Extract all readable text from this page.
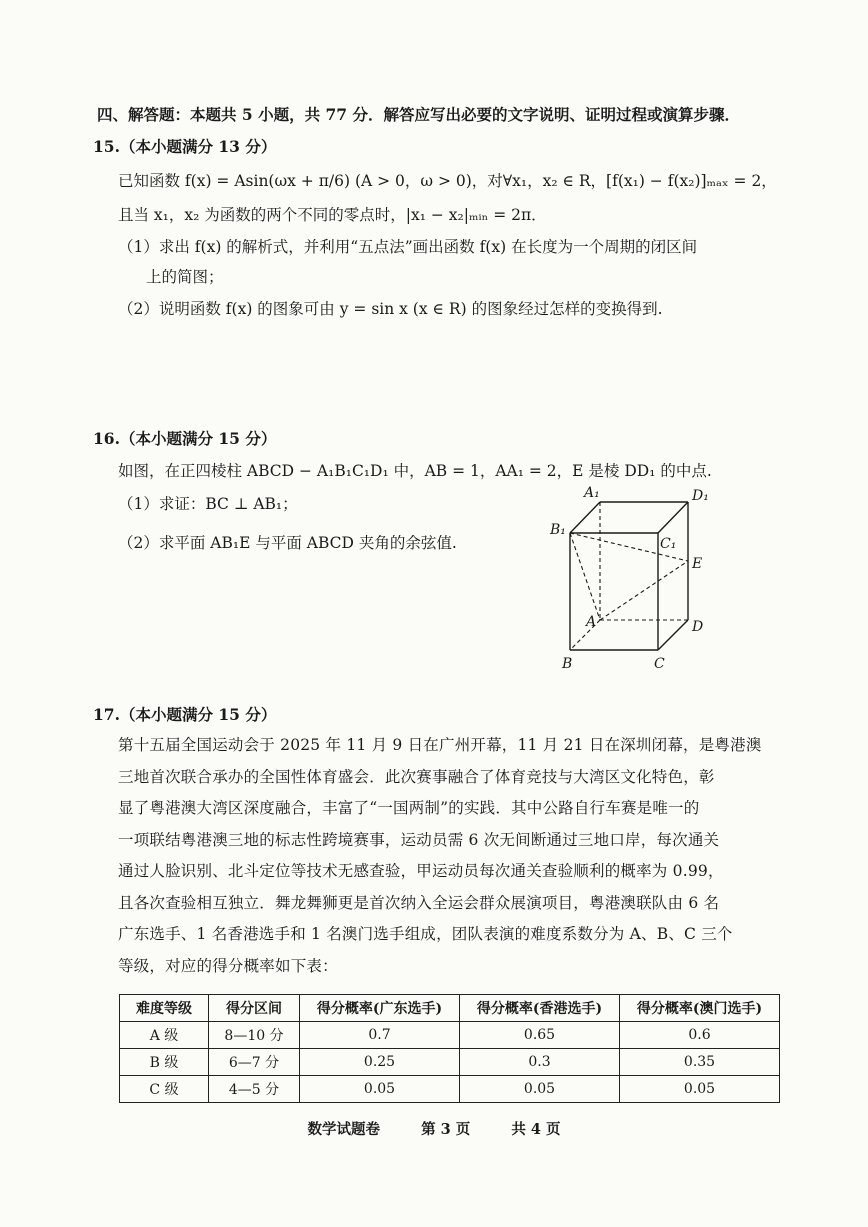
四、解答题：本题共 5 小题，共 77 分．解答应写出必要的文字说明、证明过程或演算步骤．
15.（本小题满分 13 分）
已知函数 f(x) = Asin(ωx + π/6) (A > 0，ω > 0)，对∀x₁，x₂ ∈ R，[f(x₁) − f(x₂)]ₘₐₓ = 2，
且当 x₁，x₂ 为函数的两个不同的零点时，|x₁ − x₂|ₘᵢₙ = 2π．
（1）求出 f(x) 的解析式，并利用“五点法”画出函数 f(x) 在长度为一个周期的闭区间
上的简图；
（2）说明函数 f(x) 的图象可由 y = sin x (x ∈ R) 的图象经过怎样的变换得到.
16.（本小题满分 15 分）
如图，在正四棱柱 ABCD − A₁B₁C₁D₁ 中，AB = 1，AA₁ = 2，E 是棱 DD₁ 的中点.
（1）求证：BC ⊥ AB₁；
（2）求平面 AB₁E 与平面 ABCD 夹角的余弦值.
A₁	D₁
B₁
C₁
E
A	D
B	C
17.（本小题满分 15 分）
第十五届全国运动会于 2025 年 11 月 9 日在广州开幕，11 月 21 日在深圳闭幕，是粤港澳
三地首次联合承办的全国性体育盛会．此次赛事融合了体育竞技与大湾区文化特色，彰
显了粤港澳大湾区深度融合，丰富了“一国两制”的实践．其中公路自行车赛是唯一的
一项联结粤港澳三地的标志性跨境赛事，运动员需 6 次无间断通过三地口岸，每次通关
通过人脸识别、北斗定位等技术无感查验，甲运动员每次通关查验顺利的概率为 0.99，
且各次查验相互独立．舞龙舞狮更是首次纳入全运会群众展演项目，粤港澳联队由 6 名
广东选手、1 名香港选手和 1 名澳门选手组成，团队表演的难度系数分为 A、B、C 三个
等级，对应的得分概率如下表：
难度等级	得分区间	得分概率(广东选手)	得分概率(香港选手)	得分概率(澳门选手)
A 级	8—10 分	0.7	0.65	0.6
B 级	6—7 分	0.25	0.3	0.35
C 级	4—5 分	0.05	0.05	0.05
数学试题卷	第 3 页	共 4 页
